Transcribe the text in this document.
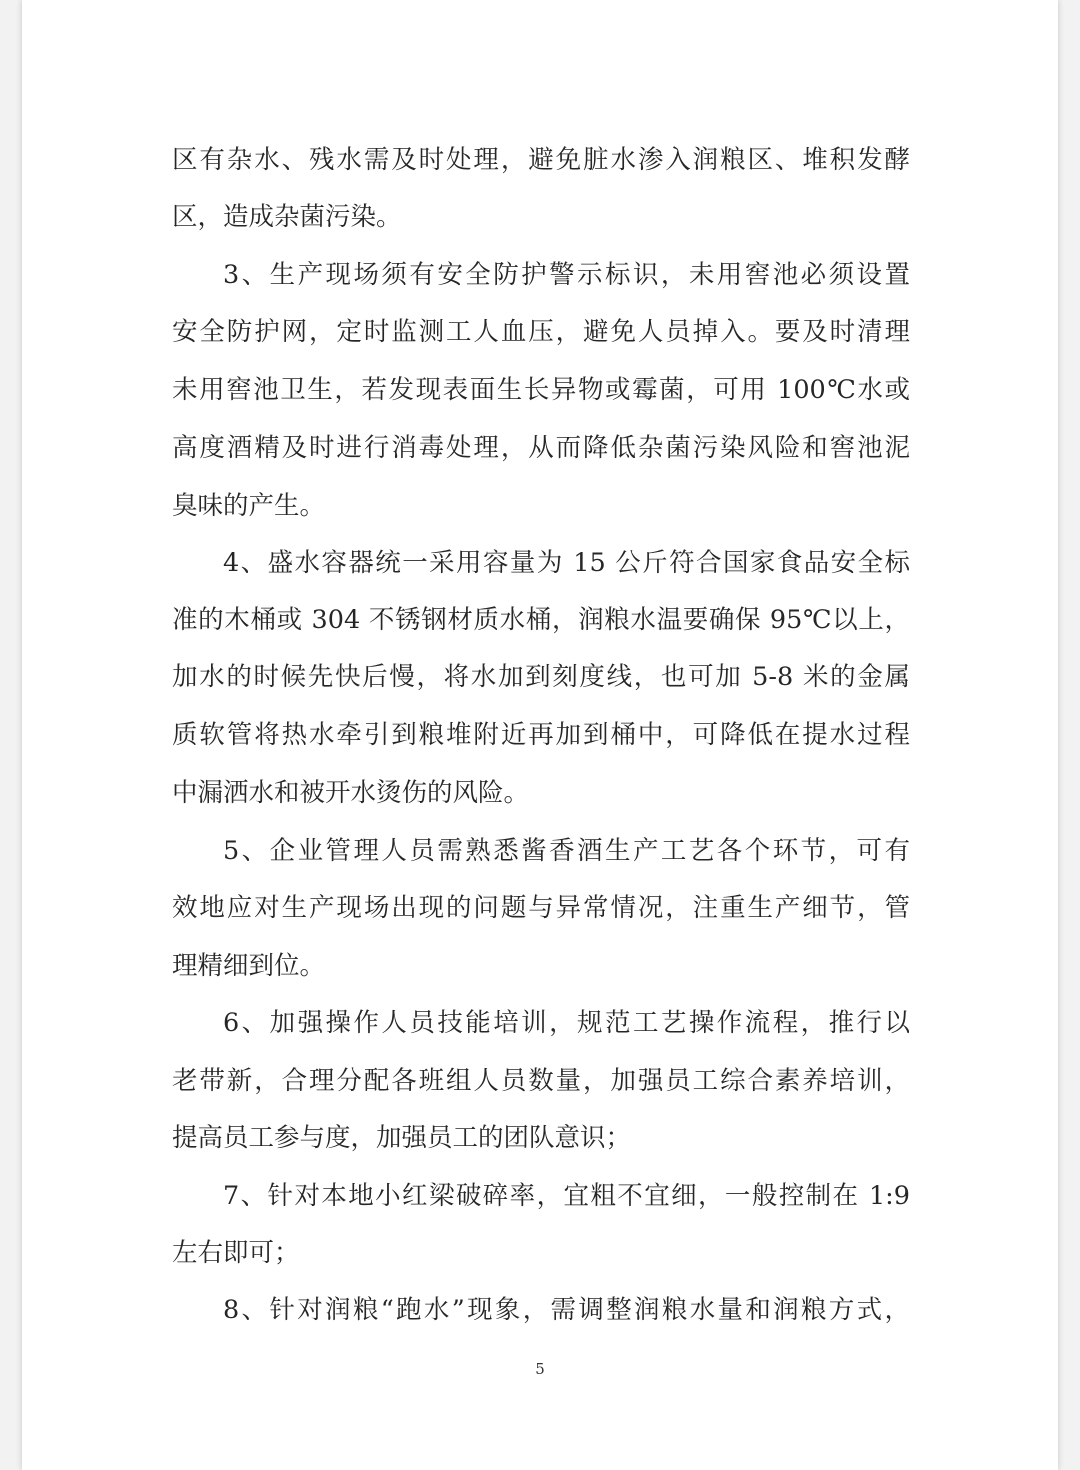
区有杂水、残水需及时处理，避免脏水渗入润粮区、堆积发酵
区，造成杂菌污染。
3、生产现场须有安全防护警示标识，未用窖池必须设置
安全防护网，定时监测工人血压，避免人员掉入。要及时清理
未用窖池卫生，若发现表面生长异物或霉菌，可用 100℃水或
高度酒精及时进行消毒处理，从而降低杂菌污染风险和窖池泥
臭味的产生。
4、盛水容器统一采用容量为 15 公斤符合国家食品安全标
准的木桶或 304 不锈钢材质水桶，润粮水温要确保 95℃以上，
加水的时候先快后慢，将水加到刻度线，也可加 5-8 米的金属
质软管将热水牵引到粮堆附近再加到桶中，可降低在提水过程
中漏洒水和被开水烫伤的风险。
5、企业管理人员需熟悉酱香酒生产工艺各个环节，可有
效地应对生产现场出现的问题与异常情况，注重生产细节，管
理精细到位。
6、加强操作人员技能培训，规范工艺操作流程，推行以
老带新，合理分配各班组人员数量，加强员工综合素养培训，
提高员工参与度，加强员工的团队意识；
7、针对本地小红梁破碎率，宜粗不宜细，一般控制在 1:9
左右即可；
8、针对润粮“跑水”现象，需调整润粮水量和润粮方式，
5
